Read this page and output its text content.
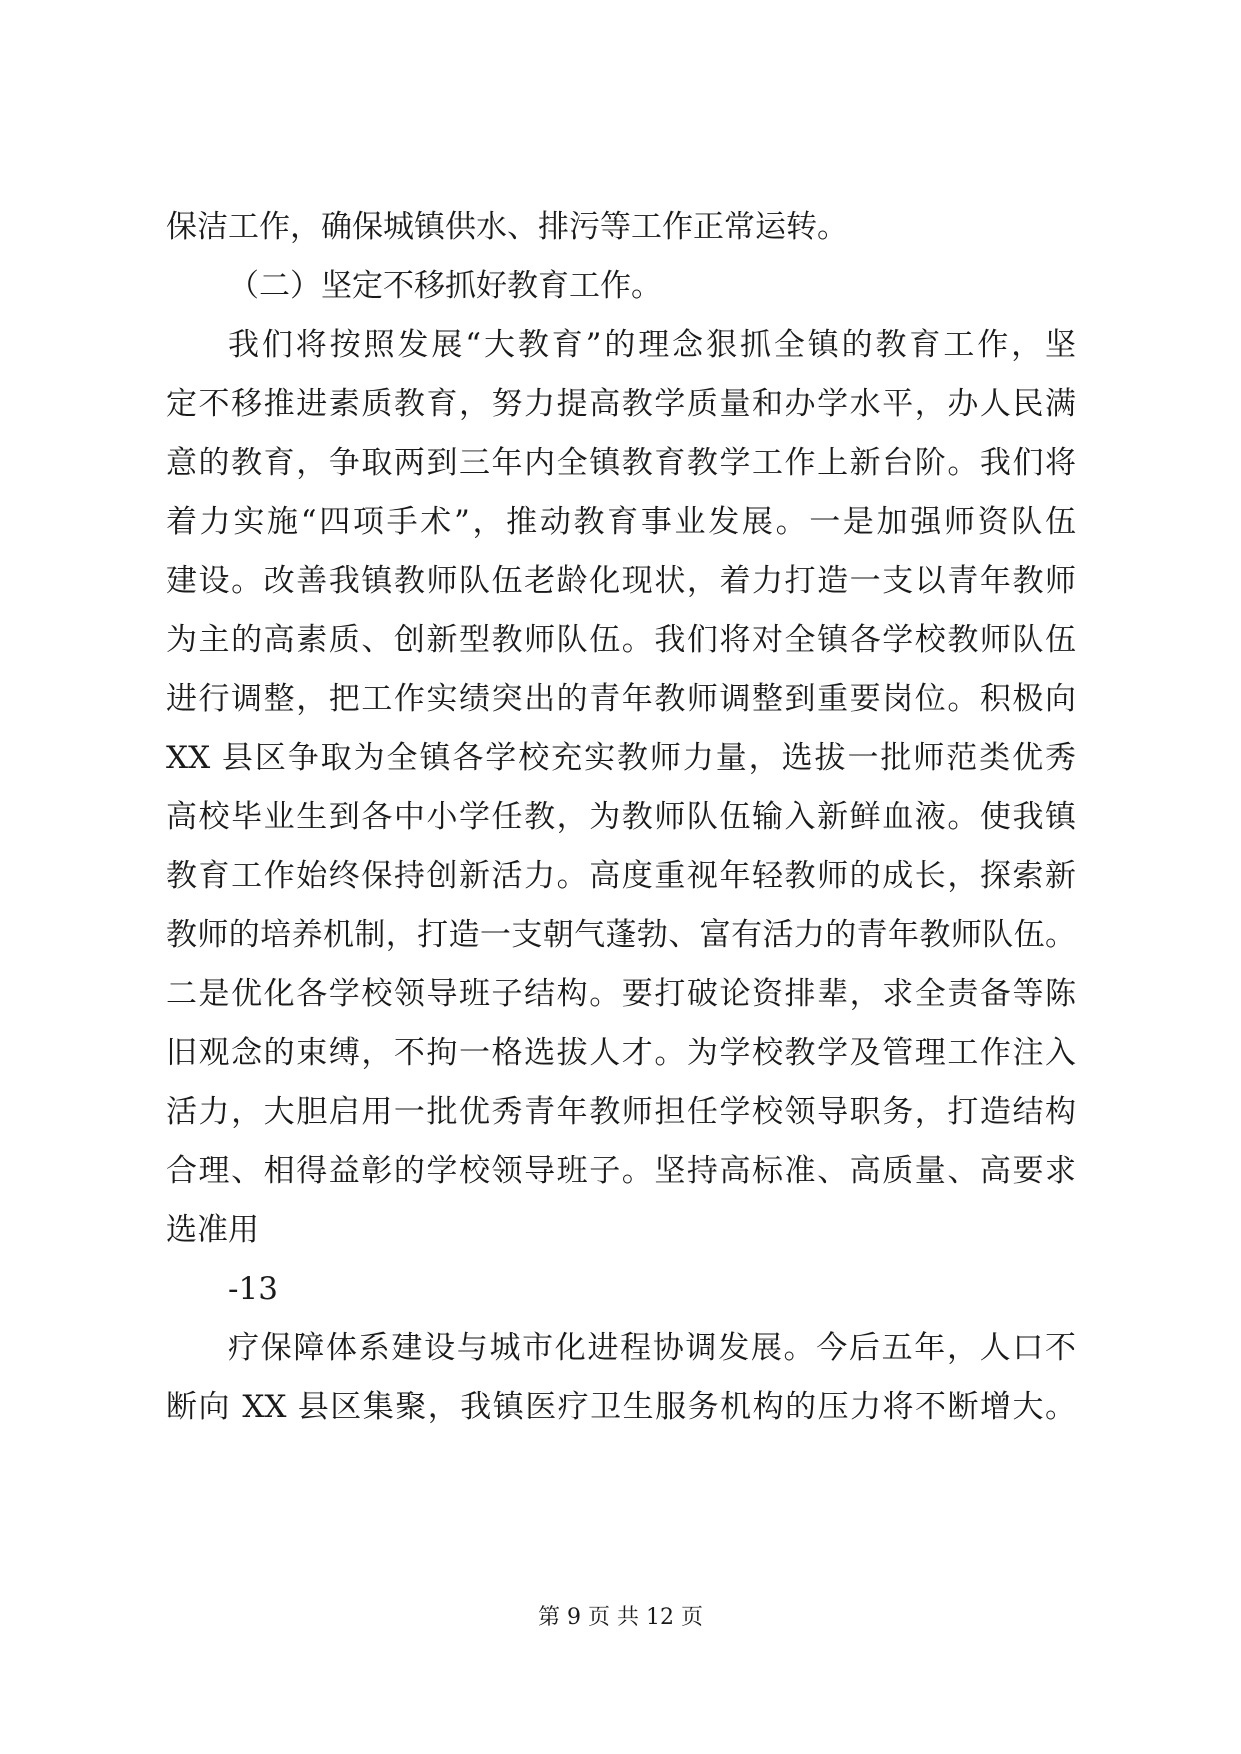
保洁工作，确保城镇供水、排污等工作正常运转。
（二）坚定不移抓好教育工作。
我们将按照发展“大教育”的理念狠抓全镇的教育工作，坚
定不移推进素质教育，努力提高教学质量和办学水平，办人民满
意的教育，争取两到三年内全镇教育教学工作上新台阶。我们将
着力实施“四项手术”，推动教育事业发展。一是加强师资队伍
建设。改善我镇教师队伍老龄化现状，着力打造一支以青年教师
为主的高素质、创新型教师队伍。我们将对全镇各学校教师队伍
进行调整，把工作实绩突出的青年教师调整到重要岗位。积极向
XX 县区争取为全镇各学校充实教师力量，选拔一批师范类优秀
高校毕业生到各中小学任教，为教师队伍输入新鲜血液。使我镇
教育工作始终保持创新活力。高度重视年轻教师的成长，探索新
教师的培养机制，打造一支朝气蓬勃、富有活力的青年教师队伍。
二是优化各学校领导班子结构。要打破论资排辈，求全责备等陈
旧观念的束缚，不拘一格选拔人才。为学校教学及管理工作注入
活力，大胆启用一批优秀青年教师担任学校领导职务，打造结构
合理、相得益彰的学校领导班子。坚持高标准、高质量、高要求
选准用
-13
疗保障体系建设与城市化进程协调发展。今后五年，人口不
断向 XX 县区集聚，我镇医疗卫生服务机构的压力将不断增大。
第 9 页 共 12 页
